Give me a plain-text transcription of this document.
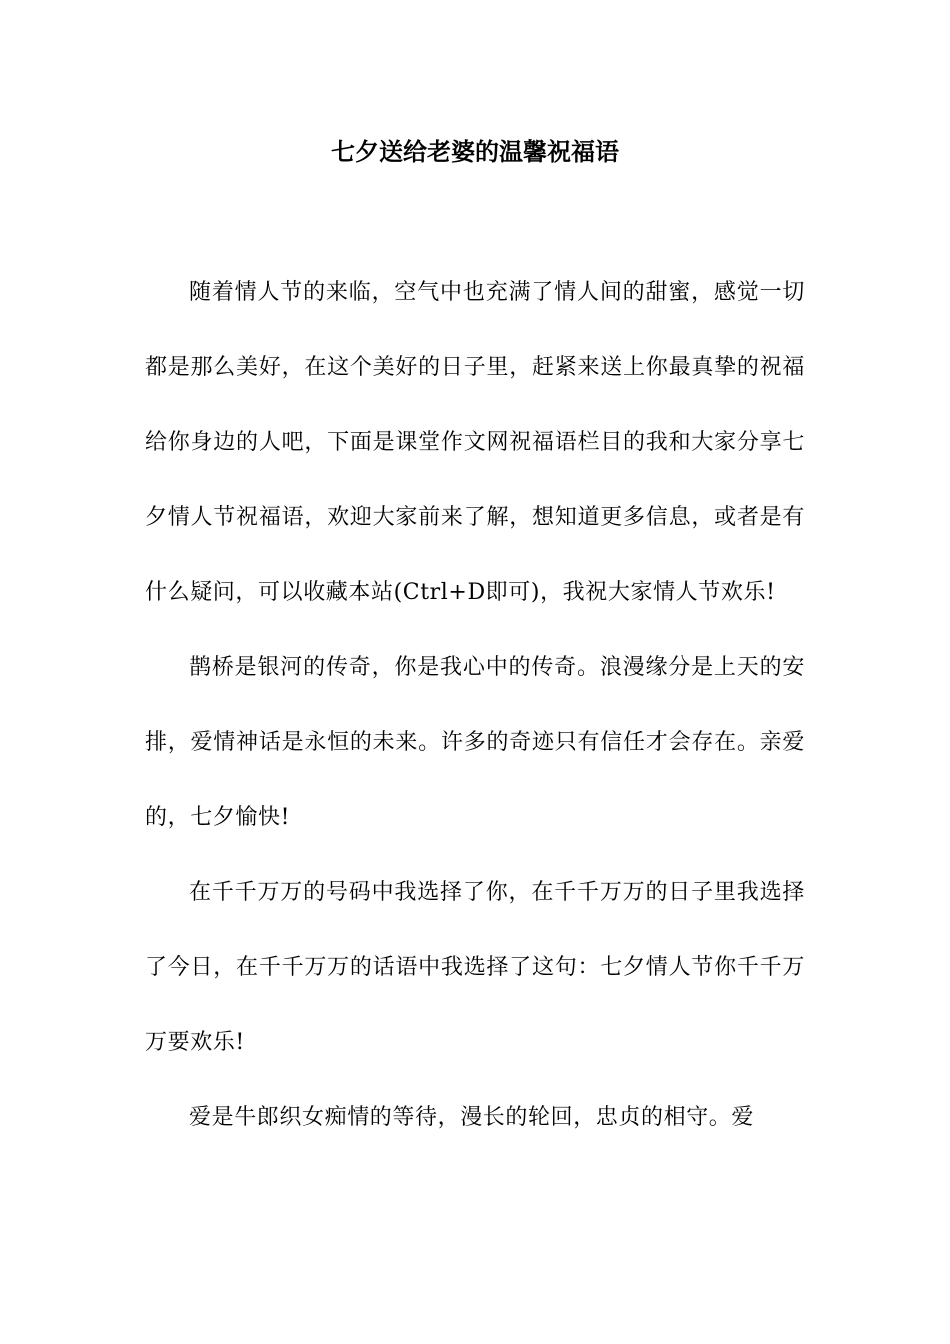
七夕送给老婆的温馨祝福语

随着情人节的来临，空气中也充满了情人间的甜蜜，感觉一切都是那么美好，在这个美好的日子里，赶紧来送上你最真挚的祝福给你身边的人吧，下面是课堂作文网祝福语栏目的我和大家分享七夕情人节祝福语，欢迎大家前来了解，想知道更多信息，或者是有什么疑问，可以收藏本站(Ctrl+D即可)，我祝大家情人节欢乐!

鹊桥是银河的传奇，你是我心中的传奇。浪漫缘分是上天的安排，爱情神话是永恒的未来。许多的奇迹只有信任才会存在。亲爱的，七夕愉快!

在千千万万的号码中我选择了你，在千千万万的日子里我选择了今日，在千千万万的话语中我选择了这句：七夕情人节你千千万万要欢乐!

爱是牛郎织女痴情的等待，漫长的轮回，忠贞的相守。爱
